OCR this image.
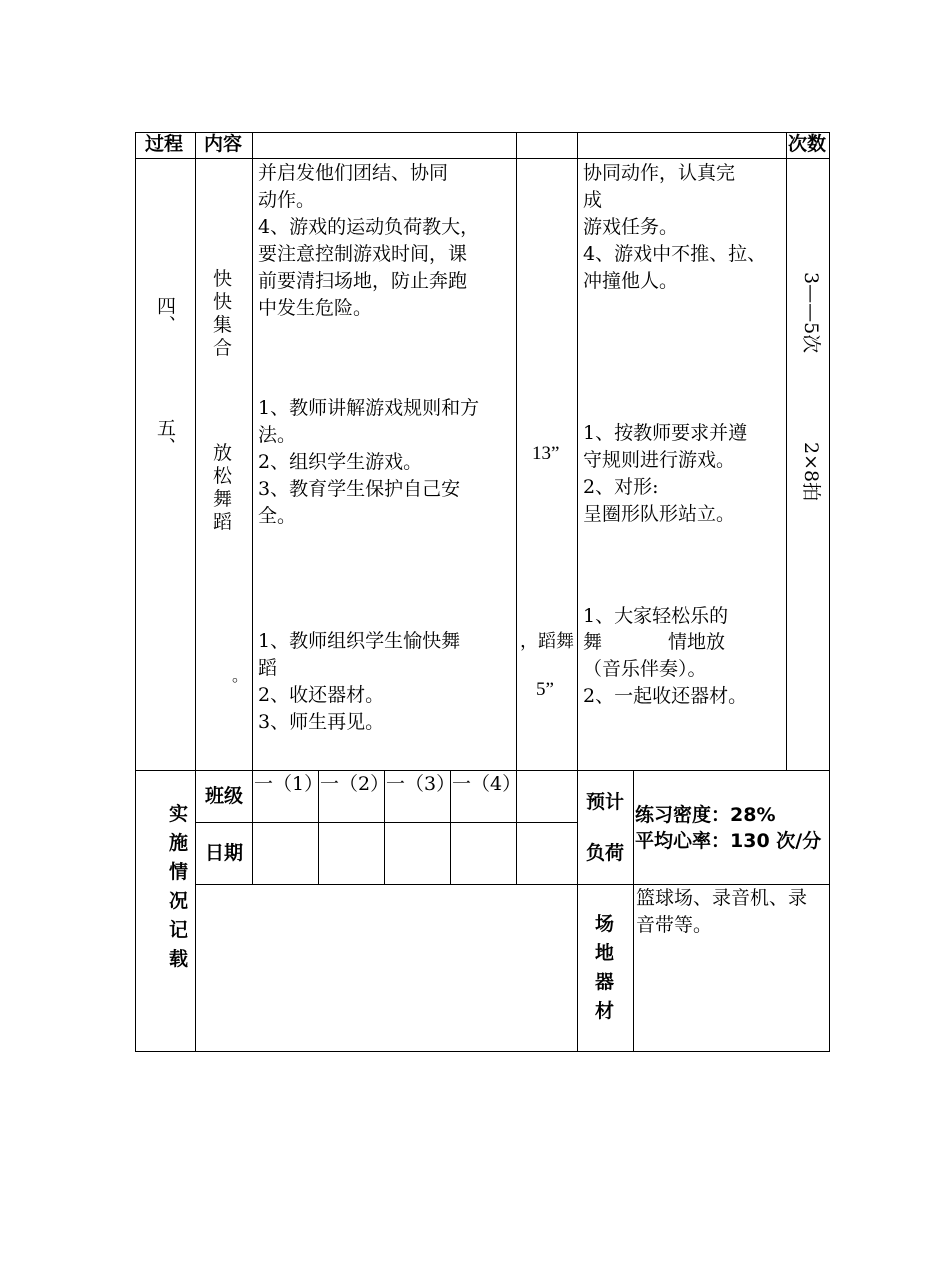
过程 内容	次数
四、
五、
快
快
集
合
放
松
舞
蹈
。
并启发他们团结、协同
动作。
4、游戏的运动负荷教大，
要注意控制游戏时间，课
前要清扫场地，防止奔跑
中发生危险。
1、教师讲解游戏规则和方
法。
2、组织学生游戏。
3、教育学生保护自己安
全。
1、教师组织学生愉快舞
蹈
2、收还器材。
3、师生再见。
13”
，蹈舞
5”
协同动作，认真完
成
游戏任务。
4、游戏中不推、拉、
冲撞他人。
1、按教师要求并遵
守规则进行游戏。
2、对形:
呈圈形队形站立。
1、大家轻松乐的
舞	情地放
（音乐伴奏）。
2、一起收还器材。
3——5次
2×8拍
实
施
情
况
记
载
班级
日期
一（1）
一（2）
一（3）
一（4）
预计
负荷
练习密度：28%
平均心率：130 次/分
场
地
器
材
篮球场、录音机、录
音带等。
